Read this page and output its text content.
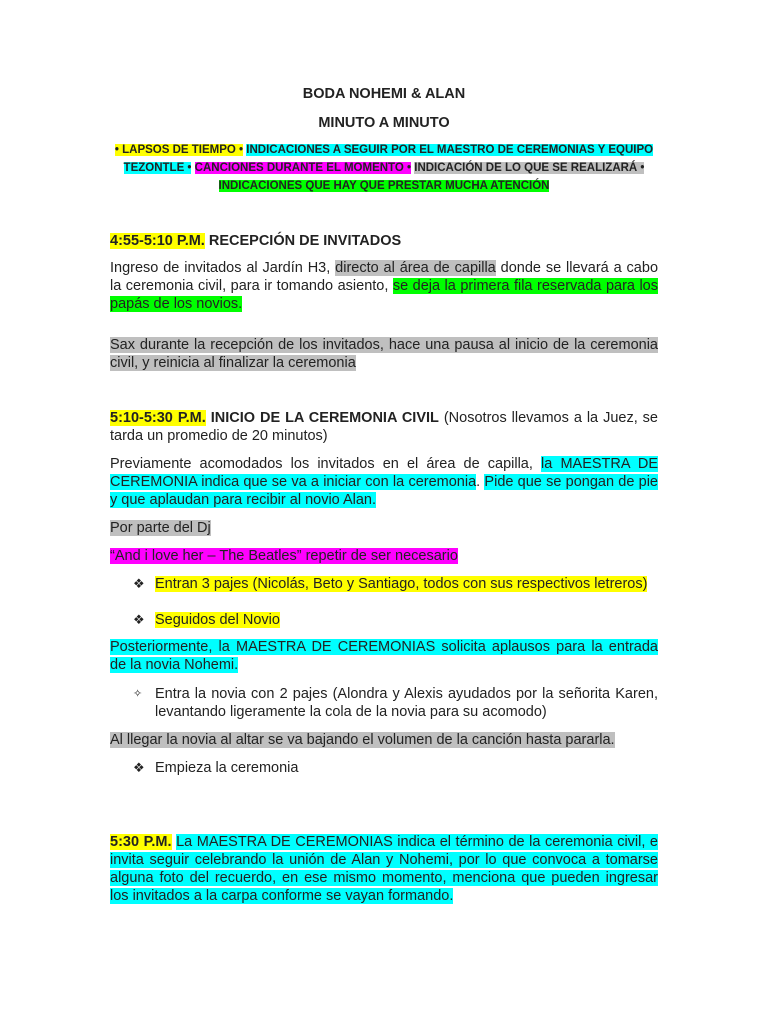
BODA NOHEMI & ALAN
MINUTO A MINUTO
• LAPSOS DE TIEMPO • INDICACIONES A SEGUIR POR EL MAESTRO DE CEREMONIAS Y EQUIPO
TEZONTLE • CANCIONES DURANTE EL MOMENTO • INDICACIÓN DE LO QUE SE REALIZARÁ •
INDICACIONES QUE HAY QUE PRESTAR MUCHA ATENCIÓN
4:55-5:10 P.M. RECEPCIÓN DE INVITADOS
Ingreso de invitados al Jardín H3, directo al área de capilla donde se llevará a cabo la ceremonia civil, para ir tomando asiento, se deja la primera fila reservada para los papás de los novios.
Sax durante la recepción de los invitados, hace una pausa al inicio de la ceremonia civil, y reinicia al finalizar la ceremonia
5:10-5:30 P.M. INICIO DE LA CEREMONIA CIVIL (Nosotros llevamos a la Juez, se tarda un promedio de 20 minutos)
Previamente acomodados los invitados en el área de capilla, la MAESTRA DE CEREMONIA indica que se va a iniciar con la ceremonia. Pide que se pongan de pie y que aplaudan para recibir al novio Alan.
Por parte del Dj
“And i love her – The Beatles” repetir de ser necesario
❖ Entran 3 pajes (Nicolás, Beto y Santiago, todos con sus respectivos letreros)
❖ Seguidos del Novio
Posteriormente, la MAESTRA DE CEREMONIAS solicita aplausos para la entrada de la novia Nohemi.
✧ Entra la novia con 2 pajes (Alondra y Alexis ayudados por la señorita Karen, levantando ligeramente la cola de la novia para su acomodo)
Al llegar la novia al altar se va bajando el volumen de la canción hasta pararla.
❖ Empieza la ceremonia
5:30 P.M. La MAESTRA DE CEREMONIAS indica el término de la ceremonia civil, e invita seguir celebrando la unión de Alan y Nohemi, por lo que convoca a tomarse alguna foto del recuerdo, en ese mismo momento, menciona que pueden ingresar los invitados a la carpa conforme se vayan formando.
